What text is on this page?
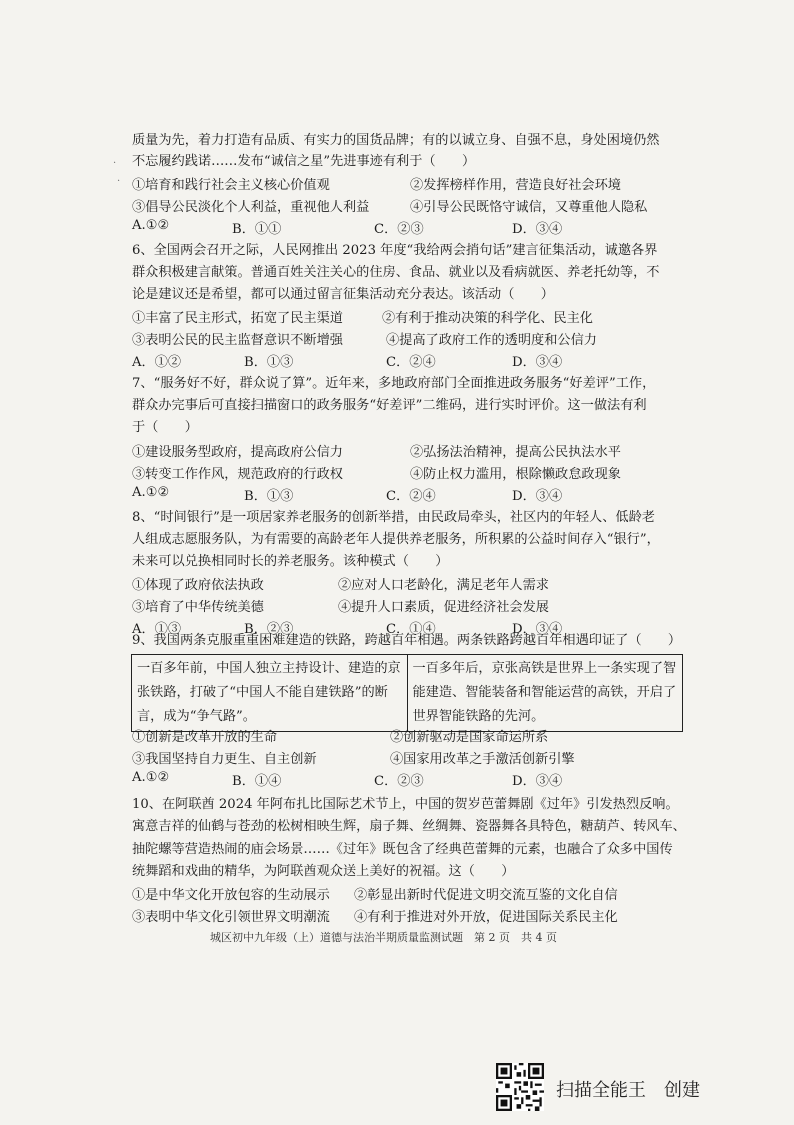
·
·
质量为先，着力打造有品质、有实力的国货品牌；有的以诚立身、自强不息，身处困境仍然
不忘履约践诺……发布“诚信之星”先进事迹有利于（　　）
①培育和践行社会主义核心价值观	②发挥榜样作用，营造良好社会环境
③倡导公民淡化个人利益，重视他人利益	④引导公民既恪守诚信，又尊重他人隐私
A.①②	B．①①	C．②③	D．③④
6、全国两会召开之际，人民网推出 2023 年度“我给两会捎句话”建言征集活动，诚邀各界
群众积极建言献策。普通百姓关注关心的住房、食品、就业以及看病就医、养老托幼等，不
论是建议还是希望，都可以通过留言征集活动充分表达。该活动（　　）
①丰富了民主形式，拓宽了民主渠道	②有利于推动决策的科学化、民主化
③表明公民的民主监督意识不断增强	④提高了政府工作的透明度和公信力
A．①②	B．①③	C．②④	D．③④
7、“服务好不好，群众说了算”。近年来，多地政府部门全面推进政务服务“好差评”工作，
群众办完事后可直接扫描窗口的政务服务“好差评”二维码，进行实时评价。这一做法有利
于（　　）
①建设服务型政府，提高政府公信力	②弘扬法治精神，提高公民执法水平
③转变工作作风，规范政府的行政权	④防止权力滥用，根除懒政怠政现象
A.①②	B．①③	C．②④	D．③④
8、“时间银行”是一项居家养老服务的创新举措，由民政局牵头，社区内的年轻人、低龄老
人组成志愿服务队，为有需要的高龄老年人提供养老服务，所积累的公益时间存入“银行”，
未来可以兑换相同时长的养老服务。该种模式（　　）
①体现了政府依法执政	②应对人口老龄化，满足老年人需求
③培育了中华传统美德	④提升人口素质，促进经济社会发展
A．①③	B．②③	C．①④	D．③④
9、我国两条克服重重困难建造的铁路，跨越百年相遇。两条铁路跨越百年相遇印证了（　　）
一百多年前，中国人独立主持设计、建造的京张铁路，打破了“中国人不能自建铁路”的断言，成为“争气路”。	一百多年后，京张高铁是世界上一条实现了智能建造、智能装备和智能运营的高铁，开启了世界智能铁路的先河。
①创新是改革开放的生命	②创新驱动是国家命运所系
③我国坚持自力更生、自主创新	④国家用改革之手激活创新引擎
A.①②	B．①④	C．②③	D．③④
10、在阿联酋 2024 年阿布扎比国际艺术节上，中国的贺岁芭蕾舞剧《过年》引发热烈反响。
寓意吉祥的仙鹤与苍劲的松树相映生辉，扇子舞、丝绸舞、瓷器舞各具特色，糖葫芦、转风车、
抽陀螺等营造热闹的庙会场景……《过年》既包含了经典芭蕾舞的元素，也融合了众多中国传
统舞蹈和戏曲的精华，为阿联酋观众送上美好的祝福。这（　　）
①是中华文化开放包容的生动展示 ②彰显出新时代促进文明交流互鉴的文化自信
③表明中华文化引领世界文明潮流 ④有利于推进对外开放，促进国际关系民主化
城区初中九年级（上）道德与法治半期质量监测试题　第 2 页　共 4 页
扫描全能王　创建
